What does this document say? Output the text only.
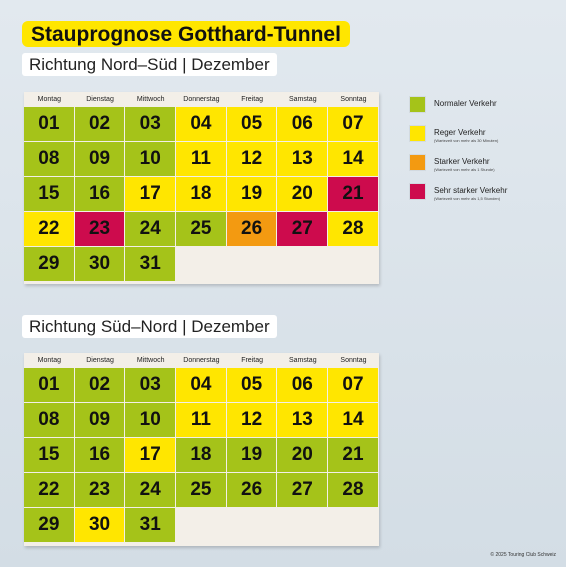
Stauprognose Gotthard-Tunnel
Richtung Nord–Süd | Dezember
Montag	Dienstag	Mittwoch	Donnerstag	Freitag	Samstag	Sonntag
01	02	03	04	05	06	07
08	09	10	11	12	13	14
15	16	17	18	19	20	21
22	23	24	25	26	27	28
29	30	31
Richtung Süd–Nord | Dezember
Montag	Dienstag	Mittwoch	Donnerstag	Freitag	Samstag	Sonntag
01	02	03	04	05	06	07
08	09	10	11	12	13	14
15	16	17	18	19	20	21
22	23	24	25	26	27	28
29	30	31
Normaler Verkehr
Reger Verkehr
(Wartezeit von mehr als 30 Minuten)
Starker Verkehr
(Wartezeit von mehr als 1 Stunde)
Sehr starker Verkehr
(Wartezeit von mehr als 1,5 Stunden)
© 2025 Touring Club Schweiz
